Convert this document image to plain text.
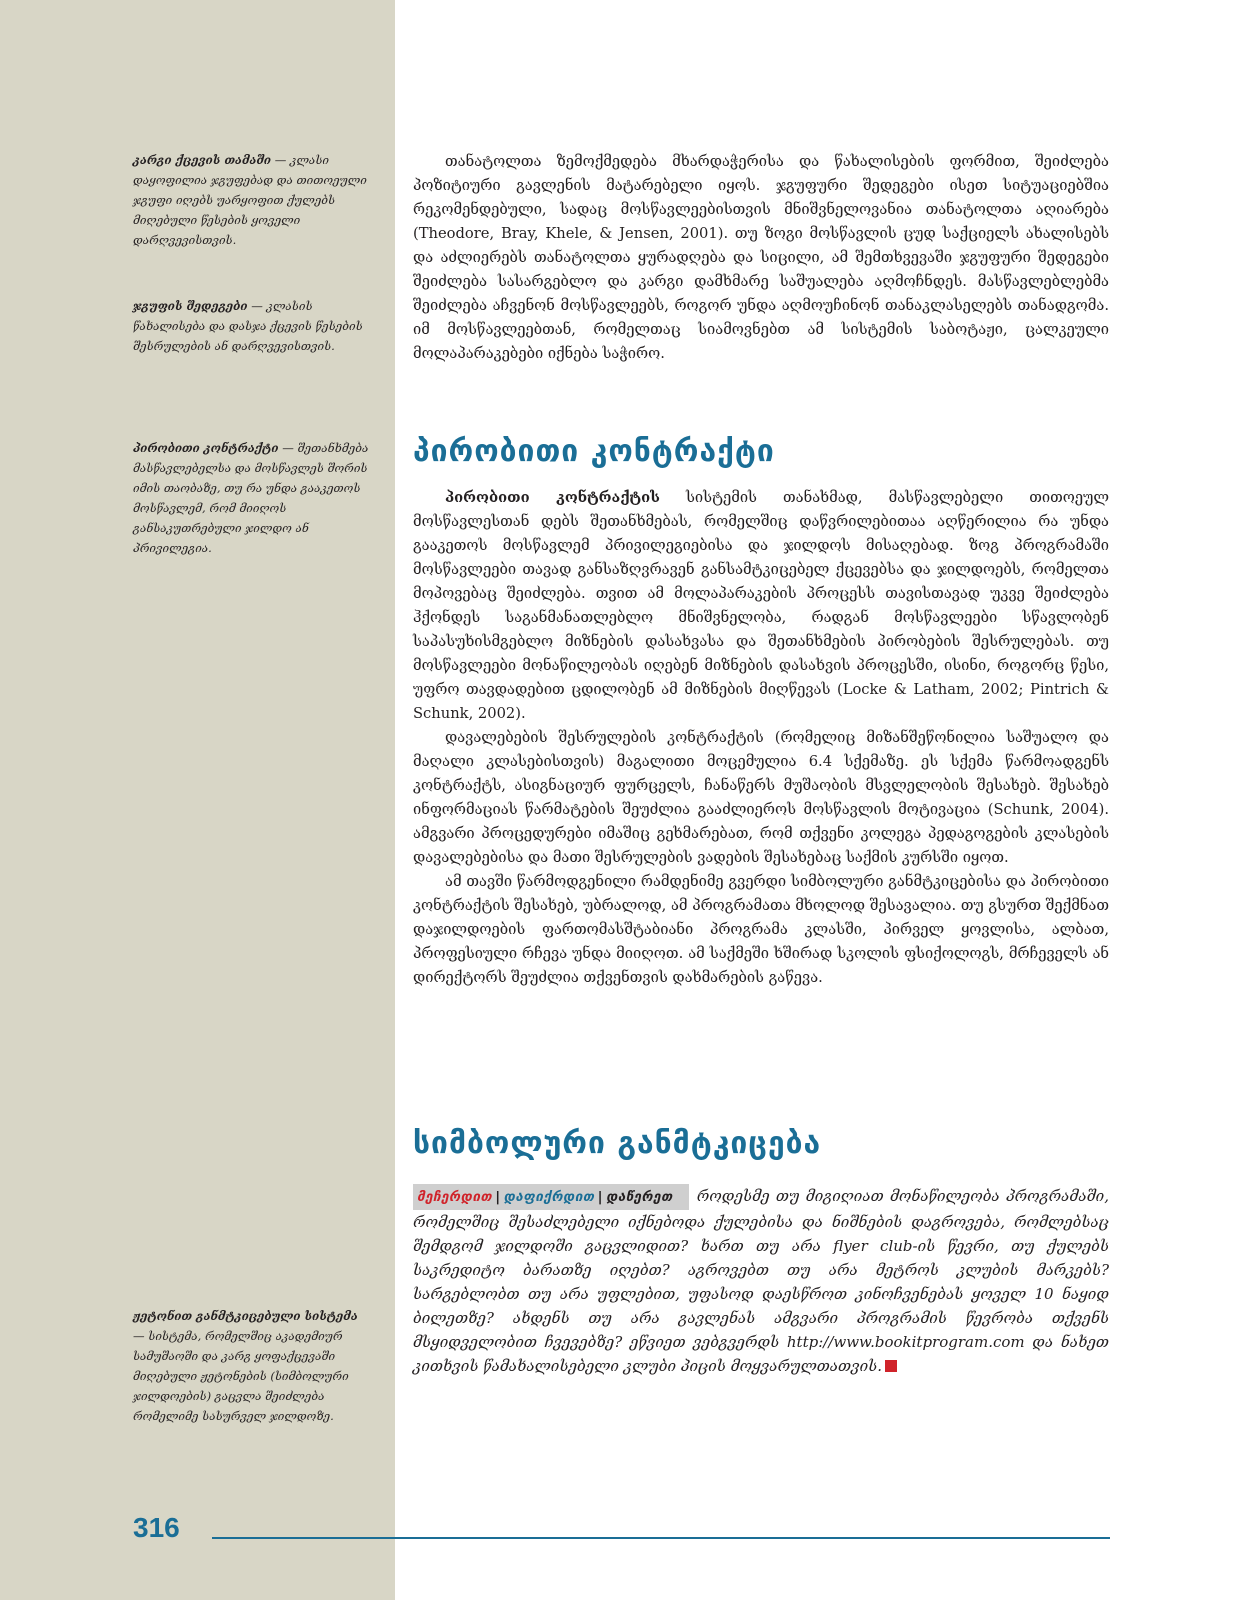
კარგი ქცევის თამაში — კლასი დაყოფილია ჯგუფებად და თითოეული ჯგუფი იღებს უარყოფით ქულებს მიღებული წესების ყოველი დარღვევისთვის.
ჯგუფის შედეგები — კლასის წახალისება და დასჯა ქცევის წესების შესრულების ან დარღვევისთვის.
პირობითი კონტრაქტი — შეთანხმება მასწავლებელსა და მოსწავლეს შორის იმის თაობაზე, თუ რა უნდა გააკეთოს მოსწავლემ, რომ მიიღოს განსაკუთრებული ჯილდო ან პრივილეგია.
ჟეტონით განმტკიცებული სისტემა — სისტემა, რომელშიც აკადემიურ სამუშაოში და კარგ ყოფაქცევაში მიღებული ჟეტონების (სიმბოლური ჯილდოების) გაცვლა შეიძლება რომელიმე სასურველ ჯილდოზე.

თანატოლთა ზემოქმედება მხარდაჭერისა და წახალისების ფორმით, შეიძლება პოზიტიური გავლენის მატარებელი იყოს. ჯგუფური შედეგები ისეთ სიტუაციებშია რეკომენდებული, სადაც მოსწავლეებისთვის მნიშვნელოვანია თანატოლთა აღიარება (Theodore, Bray, Khele, & Jensen, 2001). თუ ზოგი მოსწავლის ცუდ საქციელს ახალისებს და აძლიერებს თანატოლთა ყურადღება და სიცილი, ამ შემთხვევაში ჯგუფური შედეგები შეიძლება სასარგებლო და კარგი დამხმარე საშუალება აღმოჩნდეს. მასწავლებლებმა შეიძლება აჩვენონ მოსწავლეებს, როგორ უნდა აღმოუჩინონ თანაკლასელებს თანადგომა. იმ მოსწავლეებთან, რომელთაც სიამოვნებთ ამ სისტემის საბოტაჟი, ცალკეული მოლაპარაკებები იქნება საჭირო.

პირობითი კონტრაქტი

პირობითი კონტრაქტის სისტემის თანახმად, მასწავლებელი თითოეულ მოსწავლესთან დებს შეთანხმებას, რომელშიც დაწვრილებითაა აღწერილია რა უნდა გააკეთოს მოსწავლემ პრივილეგიებისა და ჯილდოს მისაღებად. ზოგ პროგრამაში მოსწავლეები თავად განსაზღვრავენ განსამტკიცებელ ქცევებსა და ჯილდოებს, რომელთა მოპოვებაც შეიძლება. თვით ამ მოლაპარაკების პროცესს თავისთავად უკვე შეიძლება ჰქონდეს საგანმანათლებლო მნიშვნელობა, რადგან მოსწავლეები სწავლობენ საპასუხისმგებლო მიზნების დასახვასა და შეთანხმების პირობების შესრულებას. თუ მოსწავლეები მონაწილეობას იღებენ მიზნების დასახვის პროცესში, ისინი, როგორც წესი, უფრო თავდადებით ცდილობენ ამ მიზნების მიღწევას (Locke & Latham, 2002; Pintrich & Schunk, 2002).

დავალებების შესრულების კონტრაქტის (რომელიც მიზანშეწონილია საშუალო და მაღალი კლასებისთვის) მაგალითი მოცემულია 6.4 სქემაზე. ეს სქემა წარმოადგენს კონტრაქტს, ასიგნაციურ ფურცელს, ჩანაწერს მუშაობის მსვლელობის შესახებ. შესახებ ინფორმაციას წარმატების შეუძლია გააძლიეროს მოსწავლის მოტივაცია (Schunk, 2004). ამგვარი პროცედურები იმაშიც გეხმარებათ, რომ თქვენი კოლეგა პედაგოგების კლასების დავალებებისა და მათი შესრულების ვადების შესახებაც საქმის კურსში იყოთ.

ამ თავში წარმოდგენილი რამდენიმე გვერდი სიმბოლური განმტკიცებისა და პირობითი კონტრაქტის შესახებ, უბრალოდ, ამ პროგრამათა მხოლოდ შესავალია. თუ გსურთ შექმნათ დაჯილდოების ფართომასშტაბიანი პროგრამა კლასში, პირველ ყოვლისა, ალბათ, პროფესიული რჩევა უნდა მიიღოთ. ამ საქმეში ხშირად სკოლის ფსიქოლოგს, მრჩეველს ან დირექტორს შეუძლია თქვენთვის დახმარების გაწევა.

სიმბოლური განმტკიცება

მეჩერდით | დაფიქრდით | დაწერეთ როდესმე თუ მიგიღიათ მონაწილეობა პროგრამაში, რომელშიც შესაძლებელი იქნებოდა ქულებისა და ნიშნების დაგროვება, რომლებსაც შემდგომ ჯილდოში გაცვლიდით? ხართ თუ არა flyer club-ის წევრი, თუ ქულებს საკრედიტო ბარათზე იღებთ? აგროვებთ თუ არა მეტროს კლუბის მარკებს? სარგებლობთ თუ არა უფლებით, უფასოდ დაესწროთ კინოჩვენებას ყოველ 10 ნაყიდ ბილეთზე? ახდენს თუ არა გავლენას ამგვარი პროგრამის წევრობა თქვენს მსყიდველობით ჩვევებზე? ეწვიეთ ვებგვერდს http://www.bookitprogram.com და ნახეთ კითხვის წამახალისებელი კლუბი პიცის მოყვარულთათვის.

316
